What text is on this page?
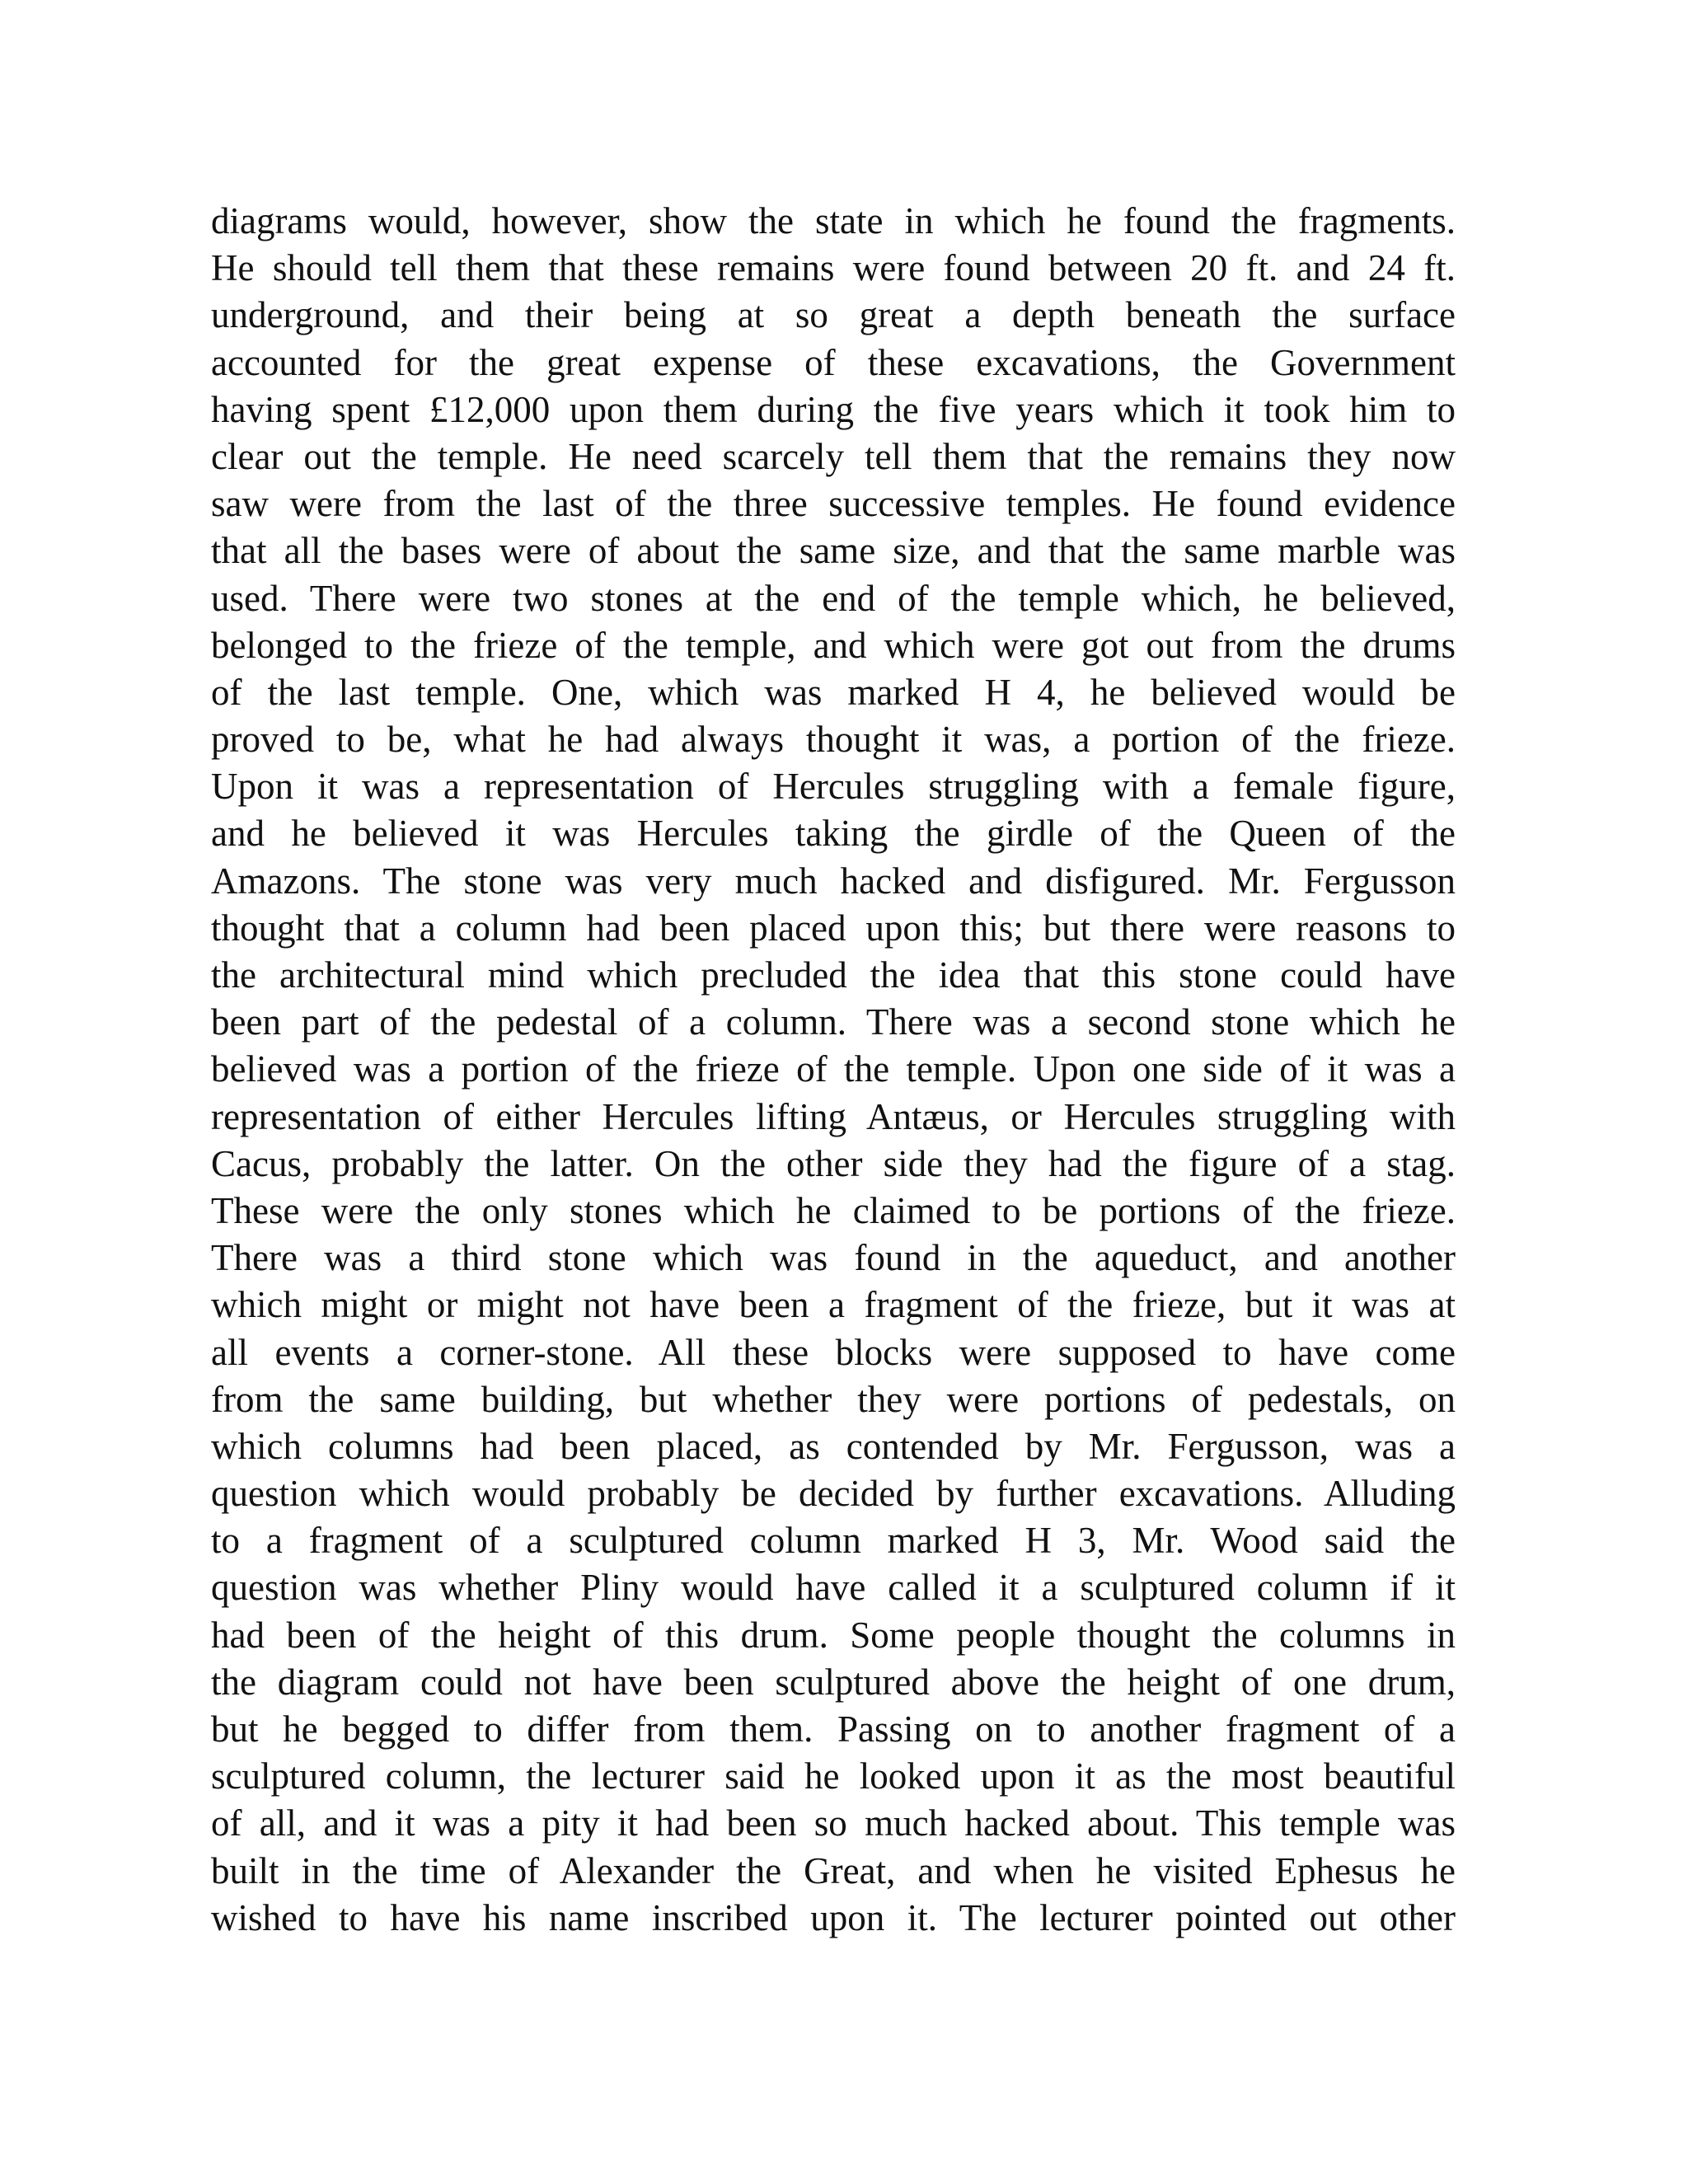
diagrams would, however, show the state in which he found the fragments.
He should tell them that these remains were found between 20 ft. and 24 ft.
underground, and their being at so great a depth beneath the surface
accounted for the great expense of these excavations, the Government
having spent £12,000 upon them during the five years which it took him to
clear out the temple. He need scarcely tell them that the remains they now
saw were from the last of the three successive temples. He found evidence
that all the bases were of about the same size, and that the same marble was
used. There were two stones at the end of the temple which, he believed,
belonged to the frieze of the temple, and which were got out from the drums
of the last temple. One, which was marked H 4, he believed would be
proved to be, what he had always thought it was, a portion of the frieze.
Upon it was a representation of Hercules struggling with a female figure,
and he believed it was Hercules taking the girdle of the Queen of the
Amazons. The stone was very much hacked and disfigured. Mr. Fergusson
thought that a column had been placed upon this; but there were reasons to
the architectural mind which precluded the idea that this stone could have
been part of the pedestal of a column. There was a second stone which he
believed was a portion of the frieze of the temple. Upon one side of it was a
representation of either Hercules lifting Antæus, or Hercules struggling with
Cacus, probably the latter. On the other side they had the figure of a stag.
These were the only stones which he claimed to be portions of the frieze.
There was a third stone which was found in the aqueduct, and another
which might or might not have been a fragment of the frieze, but it was at
all events a corner-stone. All these blocks were supposed to have come
from the same building, but whether they were portions of pedestals, on
which columns had been placed, as contended by Mr. Fergusson, was a
question which would probably be decided by further excavations. Alluding
to a fragment of a sculptured column marked H 3, Mr. Wood said the
question was whether Pliny would have called it a sculptured column if it
had been of the height of this drum. Some people thought the columns in
the diagram could not have been sculptured above the height of one drum,
but he begged to differ from them. Passing on to another fragment of a
sculptured column, the lecturer said he looked upon it as the most beautiful
of all, and it was a pity it had been so much hacked about. This temple was
built in the time of Alexander the Great, and when he visited Ephesus he
wished to have his name inscribed upon it. The lecturer pointed out other
